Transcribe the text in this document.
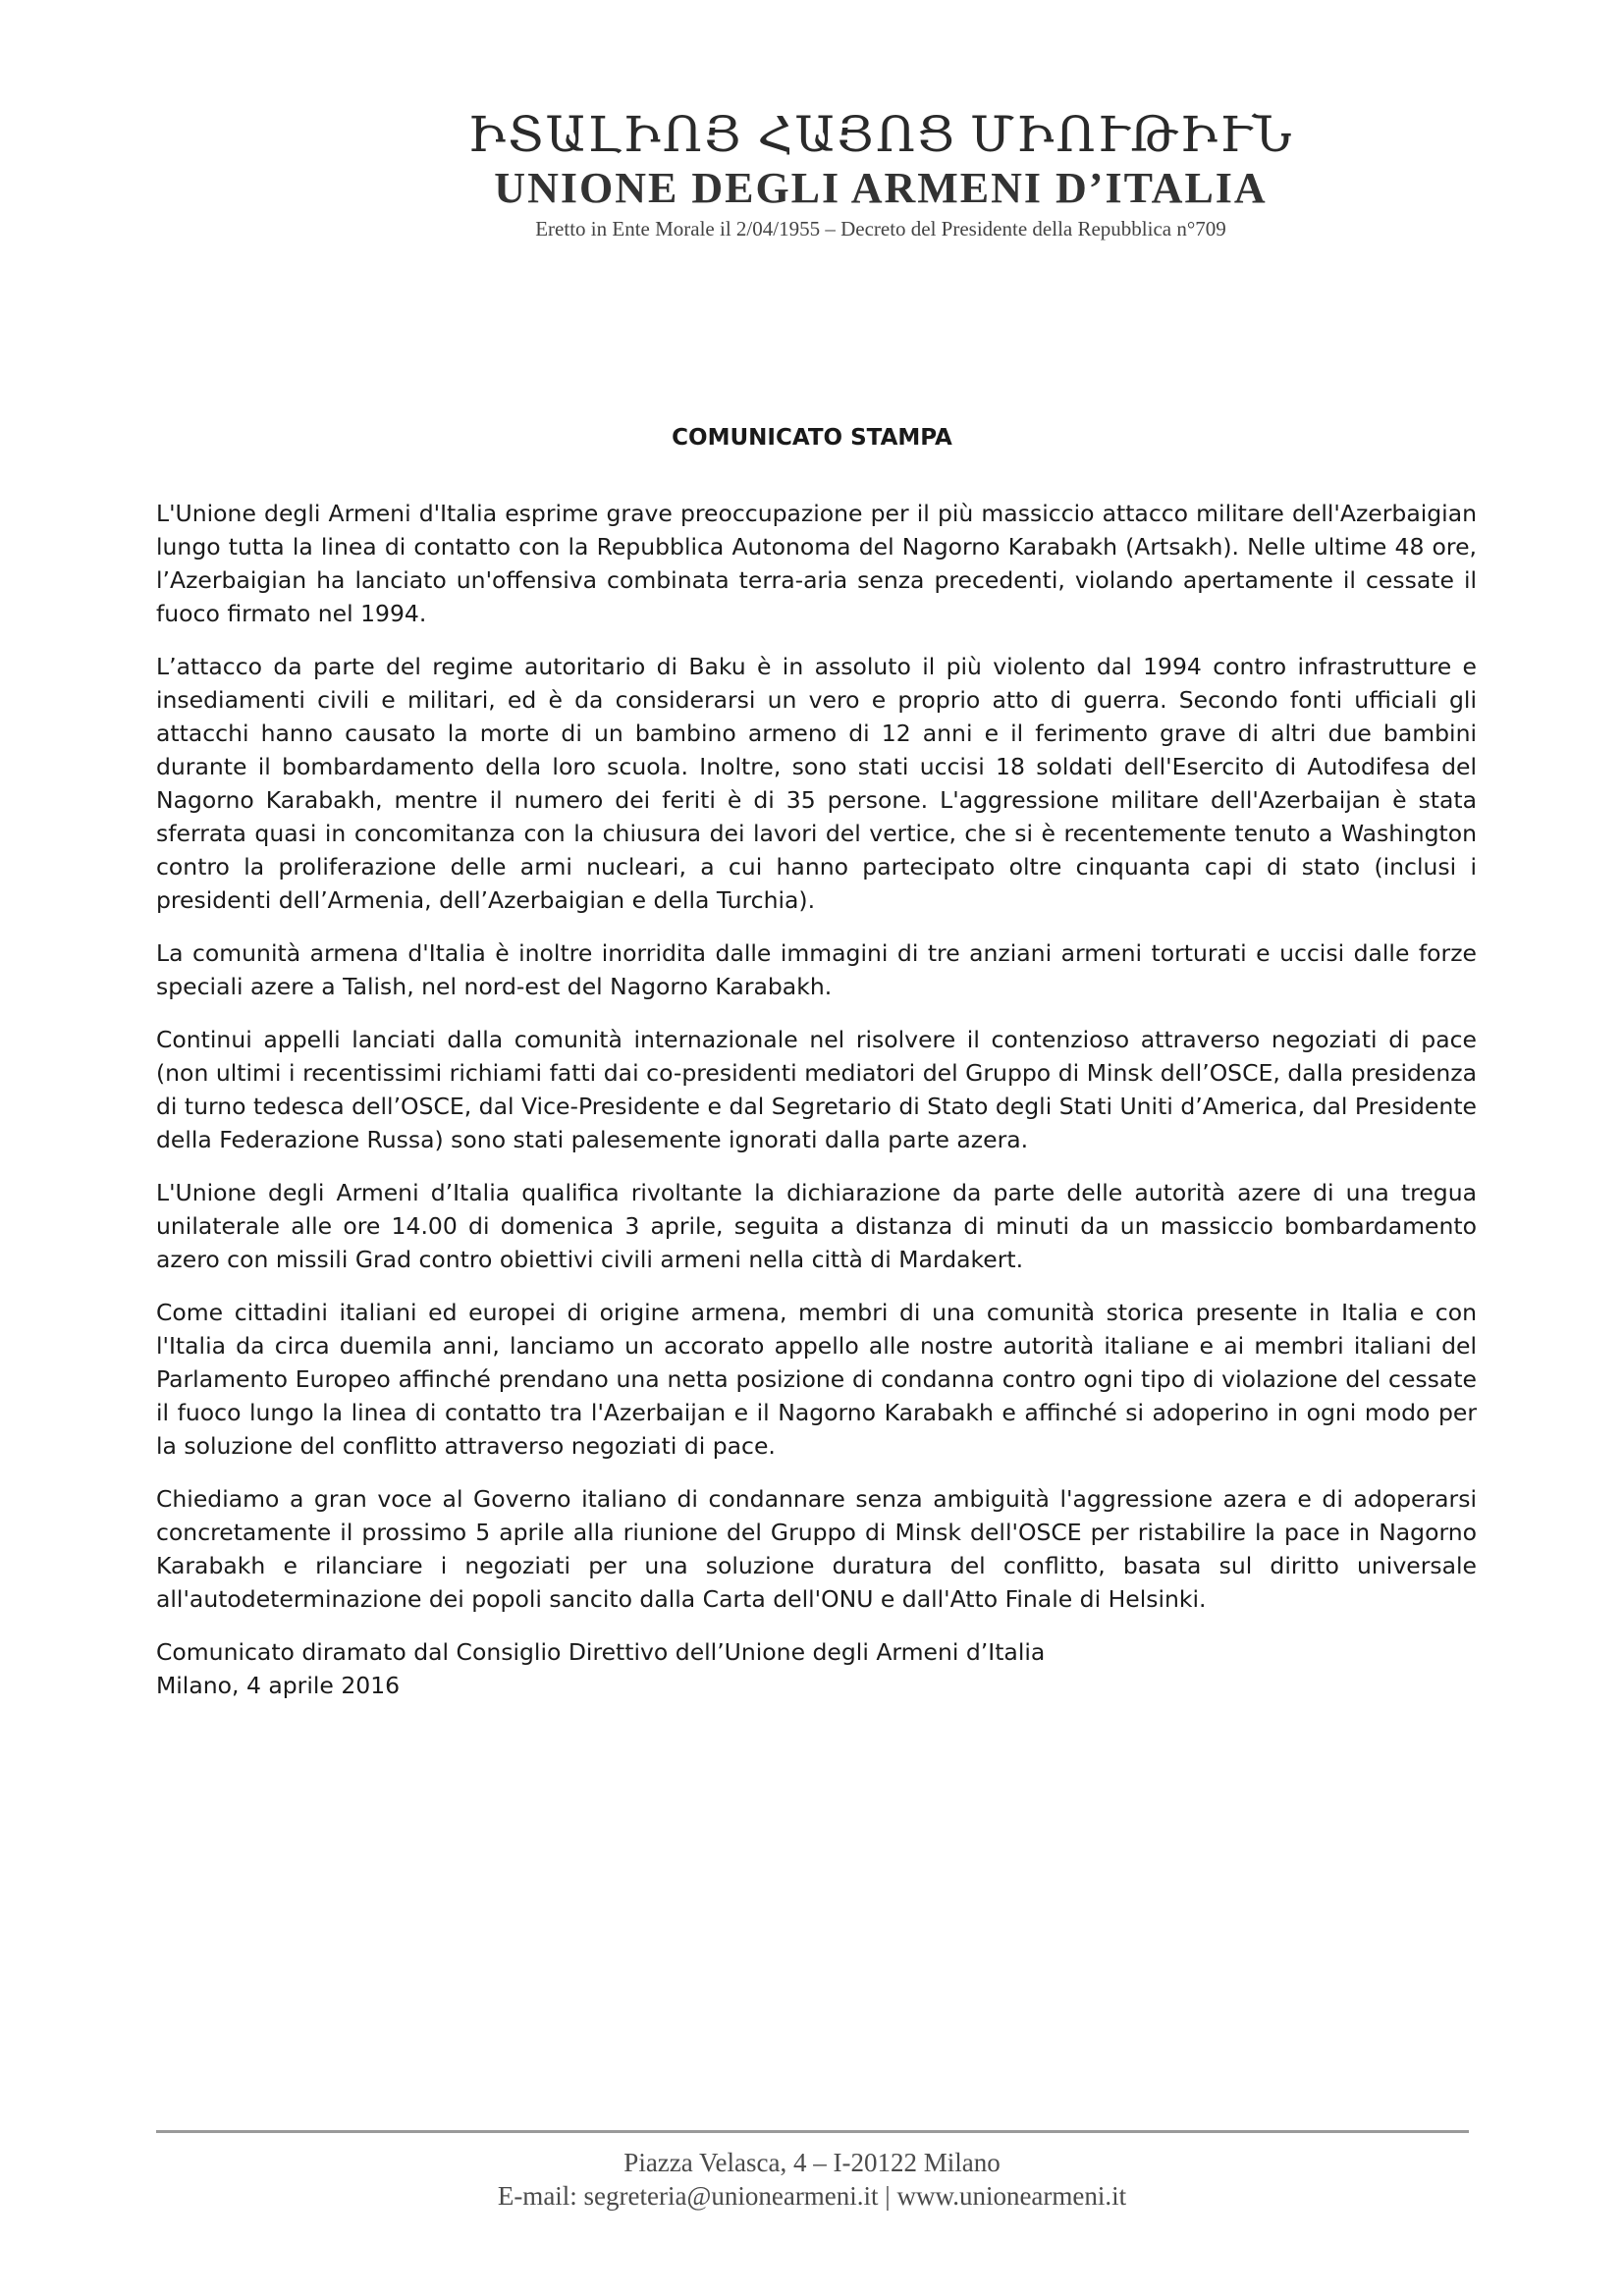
ԻՏԱԼԻՈՅ ՀԱՅՈՑ ՄԻՈՒԹԻՒՆ
UNIONE DEGLI ARMENI D’ITALIA
Eretto in Ente Morale il 2/04/1955 – Decreto del Presidente della Repubblica n°709
COMUNICATO STAMPA

L'Unione degli Armeni d'Italia esprime grave preoccupazione per il più massiccio attacco militare dell'Azerbaigian lungo tutta la linea di contatto con la Repubblica Autonoma del Nagorno Karabakh (Artsakh). Nelle ultime 48 ore, l’Azerbaigian ha lanciato un'offensiva combinata terra-aria senza precedenti, violando apertamente il cessate il fuoco firmato nel 1994.

L’attacco da parte del regime autoritario di Baku è in assoluto il più violento dal 1994 contro infrastrutture e insediamenti civili e militari, ed è da considerarsi un vero e proprio atto di guerra. Secondo fonti ufficiali gli attacchi hanno causato la morte di un bambino armeno di 12 anni e il ferimento grave di altri due bambini durante il bombardamento della loro scuola. Inoltre, sono stati uccisi 18 soldati dell'Esercito di Autodifesa del Nagorno Karabakh, mentre il numero dei feriti è di 35 persone. L'aggressione militare dell'Azerbaijan è stata sferrata quasi in concomitanza con la chiusura dei lavori del vertice, che si è recentemente tenuto a Washington contro la proliferazione delle armi nucleari, a cui hanno partecipato oltre cinquanta capi di stato (inclusi i presidenti dell’Armenia, dell’Azerbaigian e della Turchia).

La comunità armena d'Italia è inoltre inorridita dalle immagini di tre anziani armeni torturati e uccisi dalle forze speciali azere a Talish, nel nord-est del Nagorno Karabakh.

Continui appelli lanciati dalla comunità internazionale nel risolvere il contenzioso attraverso negoziati di pace (non ultimi i recentissimi richiami fatti dai co-presidenti mediatori del Gruppo di Minsk dell’OSCE, dalla presidenza di turno tedesca dell’OSCE, dal Vice-Presidente e dal Segretario di Stato degli Stati Uniti d’America, dal Presidente della Federazione Russa) sono stati palesemente ignorati dalla parte azera.

L'Unione degli Armeni d’Italia qualifica rivoltante la dichiarazione da parte delle autorità azere di una tregua unilaterale alle ore 14.00 di domenica 3 aprile, seguita a distanza di minuti da un massiccio bombardamento azero con missili Grad contro obiettivi civili armeni nella città di Mardakert.

Come cittadini italiani ed europei di origine armena, membri di una comunità storica presente in Italia e con l'Italia da circa duemila anni, lanciamo un accorato appello alle nostre autorità italiane e ai membri italiani del Parlamento Europeo affinché prendano una netta posizione di condanna contro ogni tipo di violazione del cessate il fuoco lungo la linea di contatto tra l'Azerbaijan e il Nagorno Karabakh e affinché si adoperino in ogni modo per la soluzione del conflitto attraverso negoziati di pace.

Chiediamo a gran voce al Governo italiano di condannare senza ambiguità l'aggressione azera e di adoperarsi concretamente il prossimo 5 aprile alla riunione del Gruppo di Minsk dell'OSCE per ristabilire la pace in Nagorno Karabakh e rilanciare i negoziati per una soluzione duratura del conflitto, basata sul diritto universale all'autodeterminazione dei popoli sancito dalla Carta dell'ONU e dall'Atto Finale di Helsinki.

Comunicato diramato dal Consiglio Direttivo dell’Unione degli Armeni d’Italia
Milano, 4 aprile 2016
Piazza Velasca, 4 – I-20122 Milano
E-mail: segreteria@unionearmeni.it | www.unionearmeni.it
